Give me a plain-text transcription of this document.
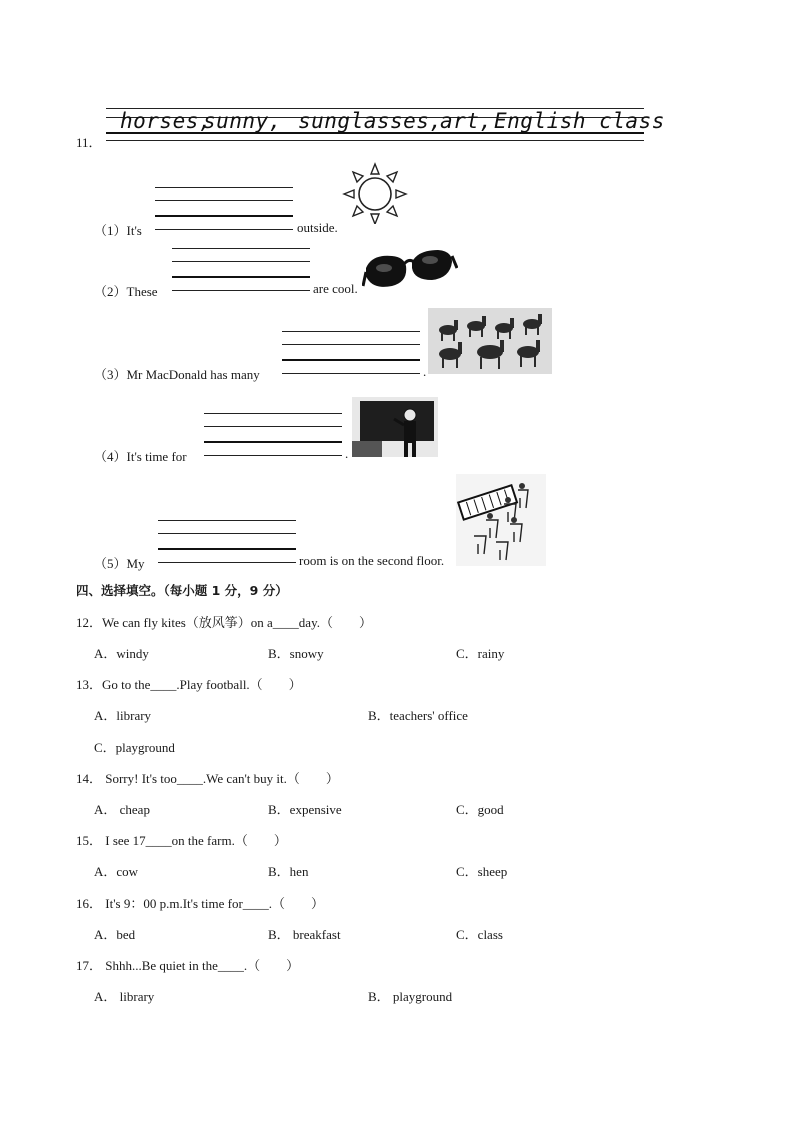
11．
horses,
sunny, sunglasses,
art, English class
（1）It's	outside.
（2）These	are cool.
（3）Mr MacDonald has many	.
（4）It's time for	.
（5）My	room is on the second floor.
四、选择填空。（每小题 1 分，9 分）
12．We can fly kites（放风筝）on a____day.（　　）
A．windy	B．snowy	C．rainy
13．Go to the____.Play football.（　　）
A．library	B．teachers' office
C．playground
14． Sorry! It's too____.We can't buy it.（　　）
A． cheap	B．expensive	C．good
15． I see 17____on the farm.（　　）
A．cow	B．hen	C．sheep
16． It's 9：00 p.m.It's time for____.（　　）
A．bed	B． breakfast	C．class
17． Shhh...Be quiet in the____.（　　）
A． library	B． playground
